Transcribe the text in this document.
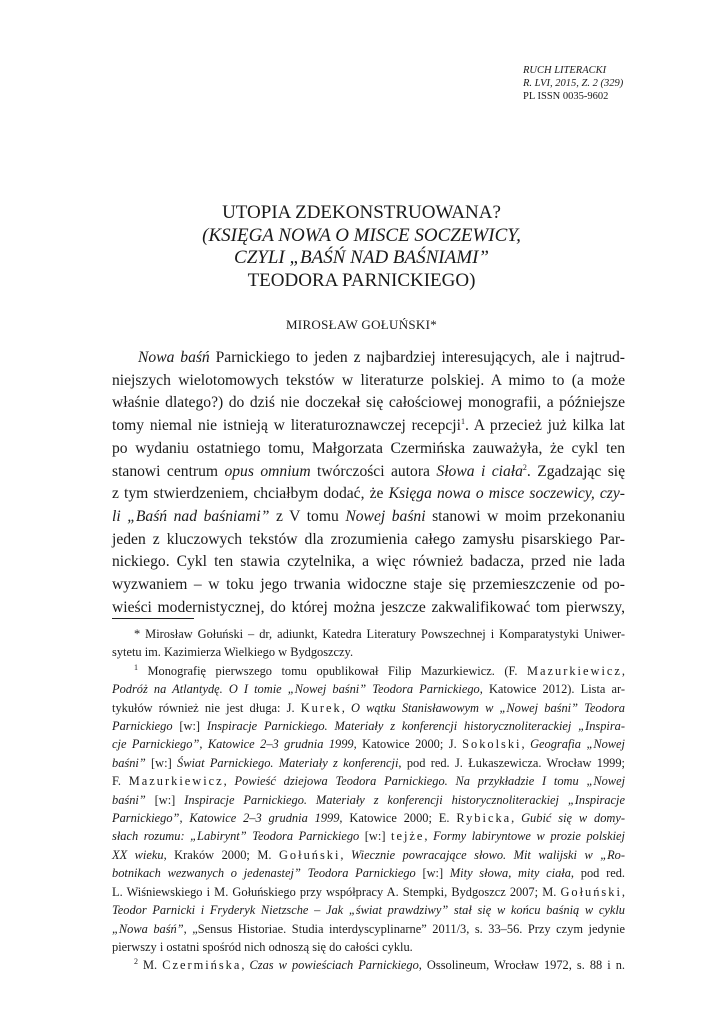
RUCH LITERACKI
R. LVI, 2015, Z. 2 (329)
PL ISSN 0035-9602
UTOPIA ZDEKONSTRUOWANA?
(KSIĘGA NOWA O MISCE SOCZEWICY,
CZYLI „BAŚŃ NAD BAŚNIAMI”
TEODORA PARNICKIEGO)
MIROSŁAW GOŁUŃSKI*
Nowa baśń Parnickiego to jeden z najbardziej interesujących, ale i najtrud-
niejszych wielotomowych tekstów w literaturze polskiej. A mimo to (a może
właśnie dlatego?) do dziś nie doczekał się całościowej monografii, a późniejsze
tomy niemal nie istnieją w literaturoznawczej recepcji$^1$. A przecież już kilka lat
po wydaniu ostatniego tomu, Małgorzata Czermińska zauważyła, że cykl ten
stanowi centrum opus omnium twórczości autora Słowa i ciała$^2$. Zgadzając się
z tym stwierdzeniem, chciałbym dodać, że Księga nowa o misce soczewicy, czy-
li „Baśń nad baśniami” z V tomu Nowej baśni stanowi w moim przekonaniu
jeden z kluczowych tekstów dla zrozumienia całego zamysłu pisarskiego Par-
nickiego. Cykl ten stawia czytelnika, a więc również badacza, przed nie lada
wyzwaniem – w toku jego trwania widoczne staje się przemieszczenie od po-
wieści modernistycznej, do której można jeszcze zakwalifikować tom pierwszy,
* Mirosław Gołuński – dr, adiunkt, Katedra Literatury Powszechnej i Komparatystyki Uniwer-
sytetu im. Kazimierza Wielkiego w Bydgoszczy.
$^1$ Monografię pierwszego tomu opublikował Filip Mazurkiewicz. (F. Mazurkiewicz,
Podróż na Atlantydę. O I tomie „Nowej baśni” Teodora Parnickiego, Katowice 2012). Lista ar-
tykułów również nie jest długa: J. Kurek, O wątku Stanisławowym w „Nowej baśni” Teodora
Parnickiego [w:] Inspiracje Parnickiego. Materiały z konferencji historycznoliterackiej „Inspira-
cje Parnickiego”, Katowice 2–3 grudnia 1999, Katowice 2000; J. Sokolski, Geografia „Nowej
baśni” [w:] Świat Parnickiego. Materiały z konferencji, pod red. J. Łukaszewicza. Wrocław 1999;
F. Mazurkiewicz, Powieść dziejowa Teodora Parnickiego. Na przykładzie I tomu „Nowej
baśni” [w:] Inspiracje Parnickiego. Materiały z konferencji historycznoliterackiej „Inspiracje
Parnickiego”, Katowice 2–3 grudnia 1999, Katowice 2000; E. Rybicka, Gubić się w domy-
słach rozumu: „Labirynt” Teodora Parnickiego [w:] tejże, Formy labiryntowe w prozie polskiej
XX wieku, Kraków 2000; M. Gołuński, Wiecznie powracające słowo. Mit walijski w „Ro-
botnikach wezwanych o jedenastej” Teodora Parnickiego [w:] Mity słowa, mity ciała, pod red.
L. Wiśniewskiego i M. Gołuńskiego przy współpracy A. Stempki, Bydgoszcz 2007; M. Gołuński,
Teodor Parnicki i Fryderyk Nietzsche – Jak „świat prawdziwy” stał się w końcu baśnią w cyklu
„Nowa baśń”, „Sensus Historiae. Studia interdyscyplinarne” 2011/3, s. 33–56. Przy czym jedynie
pierwszy i ostatni spośród nich odnoszą się do całości cyklu.
$^2$ M. Czermińska, Czas w powieściach Parnickiego, Ossolineum, Wrocław 1972, s. 88 i n.
